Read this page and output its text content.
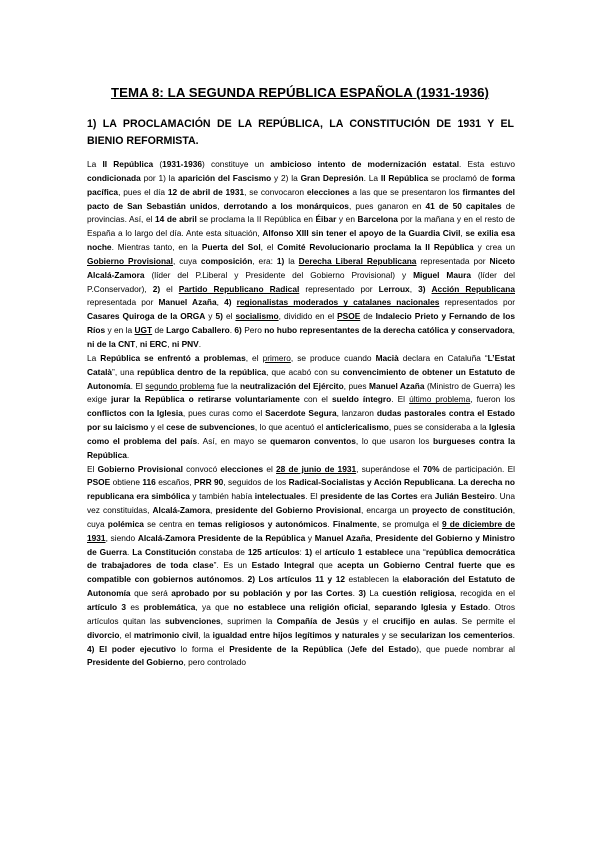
TEMA 8: LA SEGUNDA REPÚBLICA ESPAÑOLA (1931-1936)
1) LA PROCLAMACIÓN DE LA REPÚBLICA, LA CONSTITUCIÓN DE 1931 Y EL BIENIO REFORMISTA.

La II República (1931-1936) constituye un ambicioso intento de modernización estatal. Esta estuvo condicionada por 1) la aparición del Fascismo y 2) la Gran Depresión. La II República se proclamó de forma pacífica, pues el día 12 de abril de 1931, se convocaron elecciones a las que se presentaron los firmantes del pacto de San Sebastián unidos, derrotando a los monárquicos, pues ganaron en 41 de 50 capitales de provincias. Así, el 14 de abril se proclama la II República en Éibar y en Barcelona por la mañana y en el resto de España a lo largo del día. Ante esta situación, Alfonso XIII sin tener el apoyo de la Guardia Civil, se exilia esa noche. Mientras tanto, en la Puerta del Sol, el Comité Revolucionario proclama la II República y crea un Gobierno Provisional, cuya composición, era: 1) la Derecha Liberal Republicana representada por Niceto Alcalá-Zamora (líder del P.Liberal y Presidente del Gobierno Provisional) y Miguel Maura (líder del P.Conservador), 2) el Partido Republicano Radical representado por Lerroux, 3) Acción Republicana representada por Manuel Azaña, 4) regionalistas moderados y catalanes nacionales representados por Casares Quiroga de la ORGA y 5) el socialismo, dividido en el PSOE de Indalecio Prieto y Fernando de los Ríos y en la UGT de Largo Caballero. 6) Pero no hubo representantes de la derecha católica y conservadora, ni de la CNT, ni ERC, ni PNV.

La República se enfrentó a problemas, el primero, se produce cuando Macià declara en Cataluña “L’Estat Català”, una república dentro de la república, que acabó con su convencimiento de obtener un Estatuto de Autonomía. El segundo problema fue la neutralización del Ejército, pues Manuel Azaña (Ministro de Guerra) les exige jurar la República o retirarse voluntariamente con el sueldo íntegro. El último problema, fueron los conflictos con la Iglesia, pues curas como el Sacerdote Segura, lanzaron dudas pastorales contra el Estado por su laicismo y el cese de subvenciones, lo que acentuó el anticlericalismo, pues se consideraba a la Iglesia como el problema del país. Así, en mayo se quemaron conventos, lo que usaron los burgueses contra la República.

El Gobierno Provisional convocó elecciones el 28 de junio de 1931, superándose el 70% de participación. El PSOE obtiene 116 escaños, PRR 90, seguidos de los Radical-Socialistas y Acción Republicana. La derecha no republicana era simbólica y también había intelectuales. El presidente de las Cortes era Julián Besteiro. Una vez constituidas, Alcalá-Zamora, presidente del Gobierno Provisional, encarga un proyecto de constitución, cuya polémica se centra en temas religiosos y autonómicos. Finalmente, se promulga el 9 de diciembre de 1931, siendo Alcalá-Zamora Presidente de la República y Manuel Azaña, Presidente del Gobierno y Ministro de Guerra. La Constitución constaba de 125 artículos: 1) el artículo 1 establece una “república democrática de trabajadores de toda clase”. Es un Estado Integral que acepta un Gobierno Central fuerte que es compatible con gobiernos autónomos. 2) Los artículos 11 y 12 establecen la elaboración del Estatuto de Autonomía que será aprobado por su población y por las Cortes. 3) La cuestión religiosa, recogida en el artículo 3 es problemática, ya que no establece una religión oficial, separando Iglesia y Estado. Otros artículos quitan las subvenciones, suprimen la Compañía de Jesús y el crucifijo en aulas. Se permite el divorcio, el matrimonio civil, la igualdad entre hijos legítimos y naturales y se secularizan los cementerios. 4) El poder ejecutivo lo forma el Presidente de la República (Jefe del Estado), que puede nombrar al Presidente del Gobierno, pero controlado
